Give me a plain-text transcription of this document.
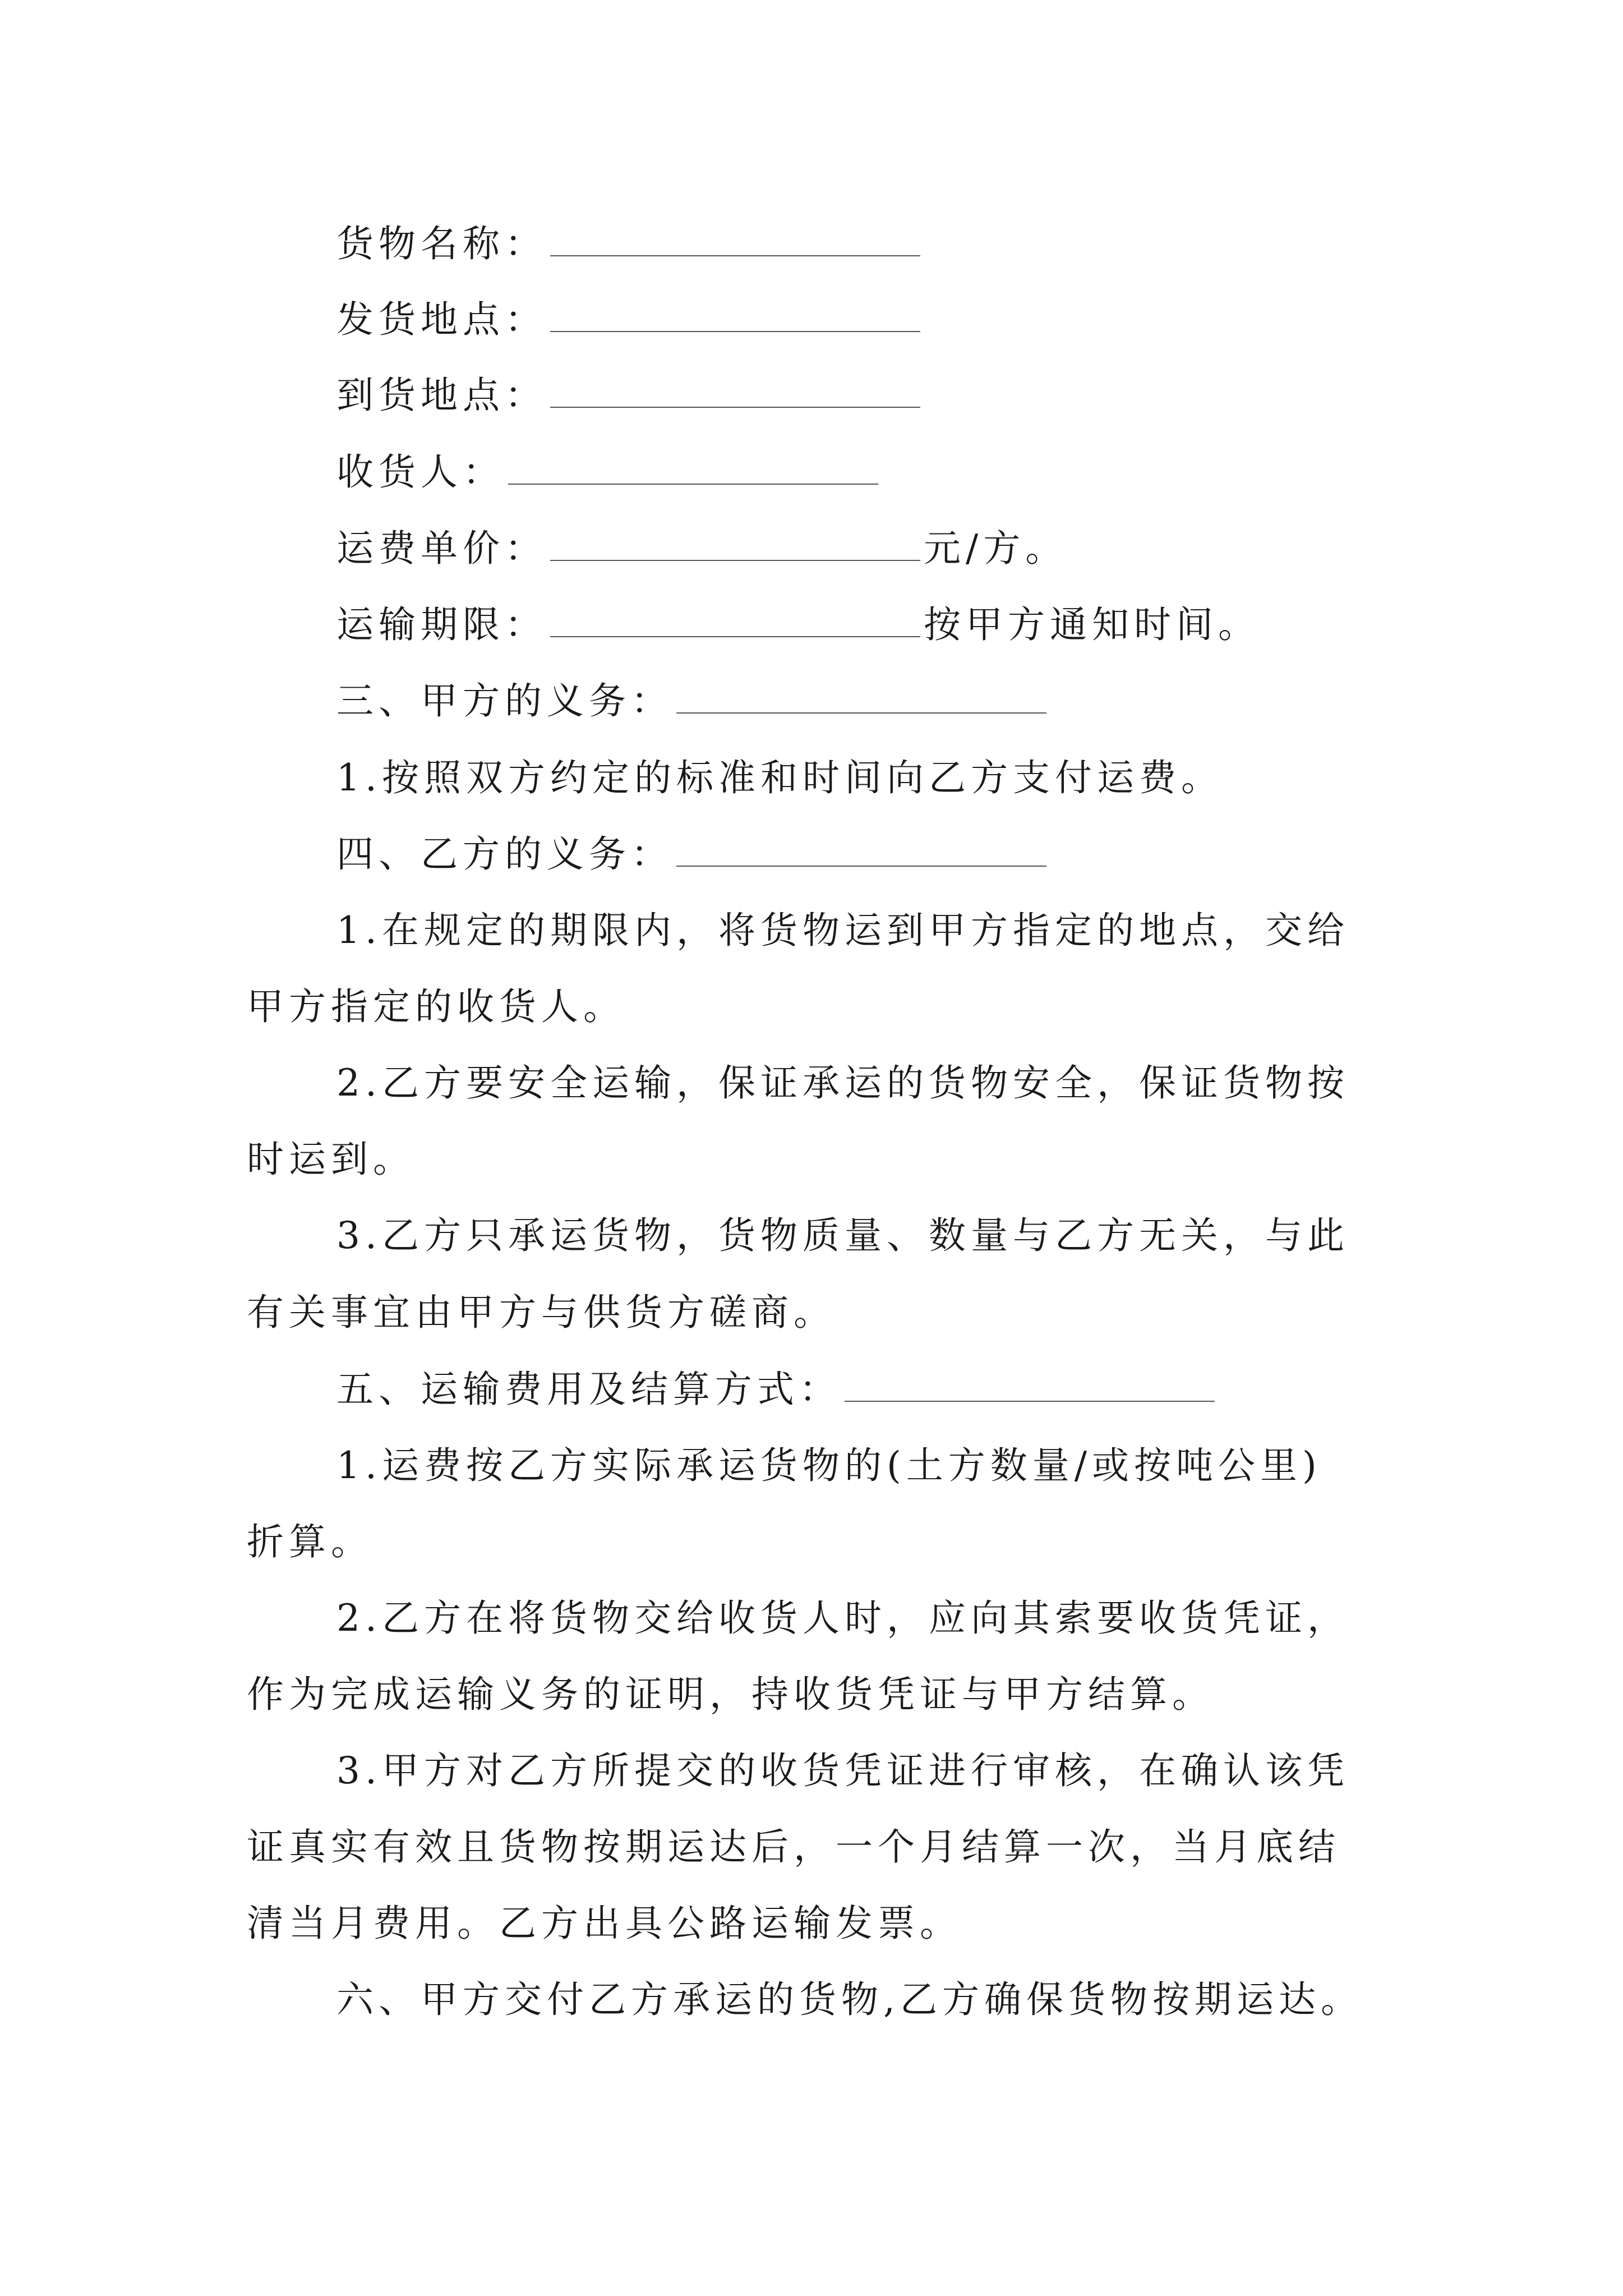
货物名称：
发货地点：
到货地点：
收货人：
运费单价：	元/方。
运输期限：	按甲方通知时间。
三、甲方的义务：
1.按照双方约定的标准和时间向乙方支付运费。
四、乙方的义务：
1.在规定的期限内，将货物运到甲方指定的地点，交给
甲方指定的收货人。
2.乙方要安全运输，保证承运的货物安全，保证货物按
时运到。
3.乙方只承运货物，货物质量、数量与乙方无关，与此
有关事宜由甲方与供货方磋商。
五、运输费用及结算方式：
1.运费按乙方实际承运货物的(土方数量/或按吨公里)
折算。
2.乙方在将货物交给收货人时，应向其索要收货凭证，
作为完成运输义务的证明，持收货凭证与甲方结算。
3.甲方对乙方所提交的收货凭证进行审核，在确认该凭
证真实有效且货物按期运达后，一个月结算一次，当月底结
清当月费用。乙方出具公路运输发票。
六、甲方交付乙方承运的货物,乙方确保货物按期运达。
